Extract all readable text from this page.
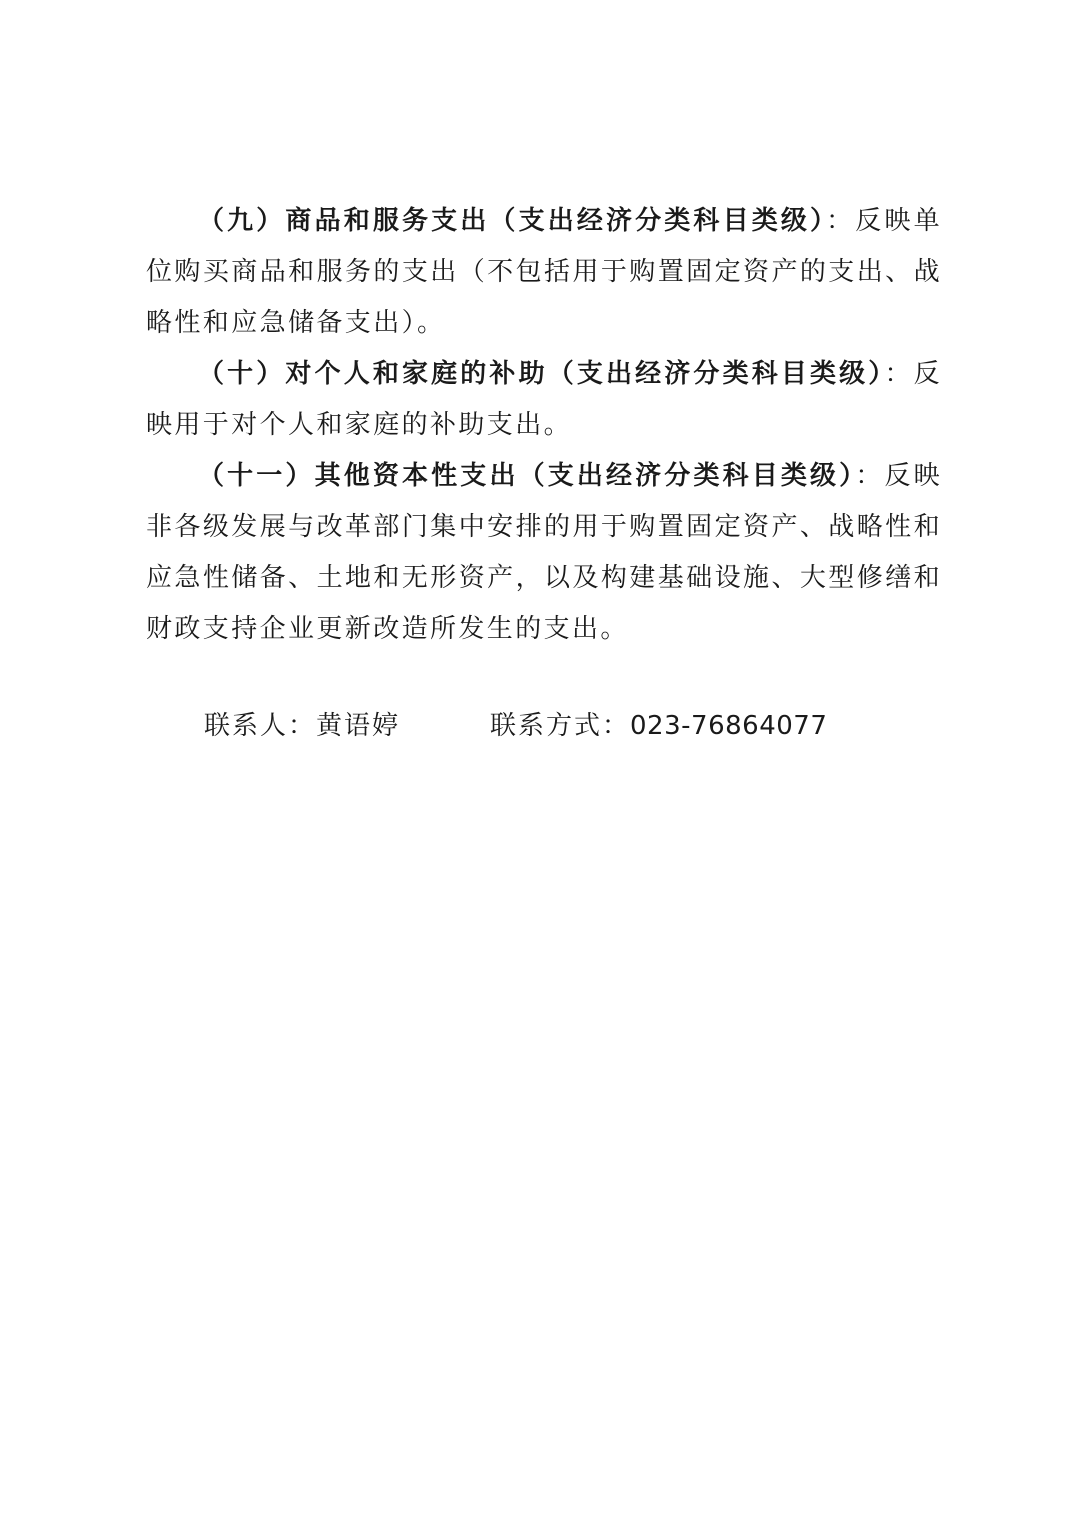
（九）商品和服务支出（支出经济分类科目类级）：反映单位购买商品和服务的支出（不包括用于购置固定资产的支出、战略性和应急储备支出）。

（十）对个人和家庭的补助（支出经济分类科目类级）：反映用于对个人和家庭的补助支出。

（十一）其他资本性支出（支出经济分类科目类级）：反映非各级发展与改革部门集中安排的用于购置固定资产、战略性和应急性储备、土地和无形资产，以及构建基础设施、大型修缮和财政支持企业更新改造所发生的支出。

联系人：黄语婷	联系方式：023-76864077
